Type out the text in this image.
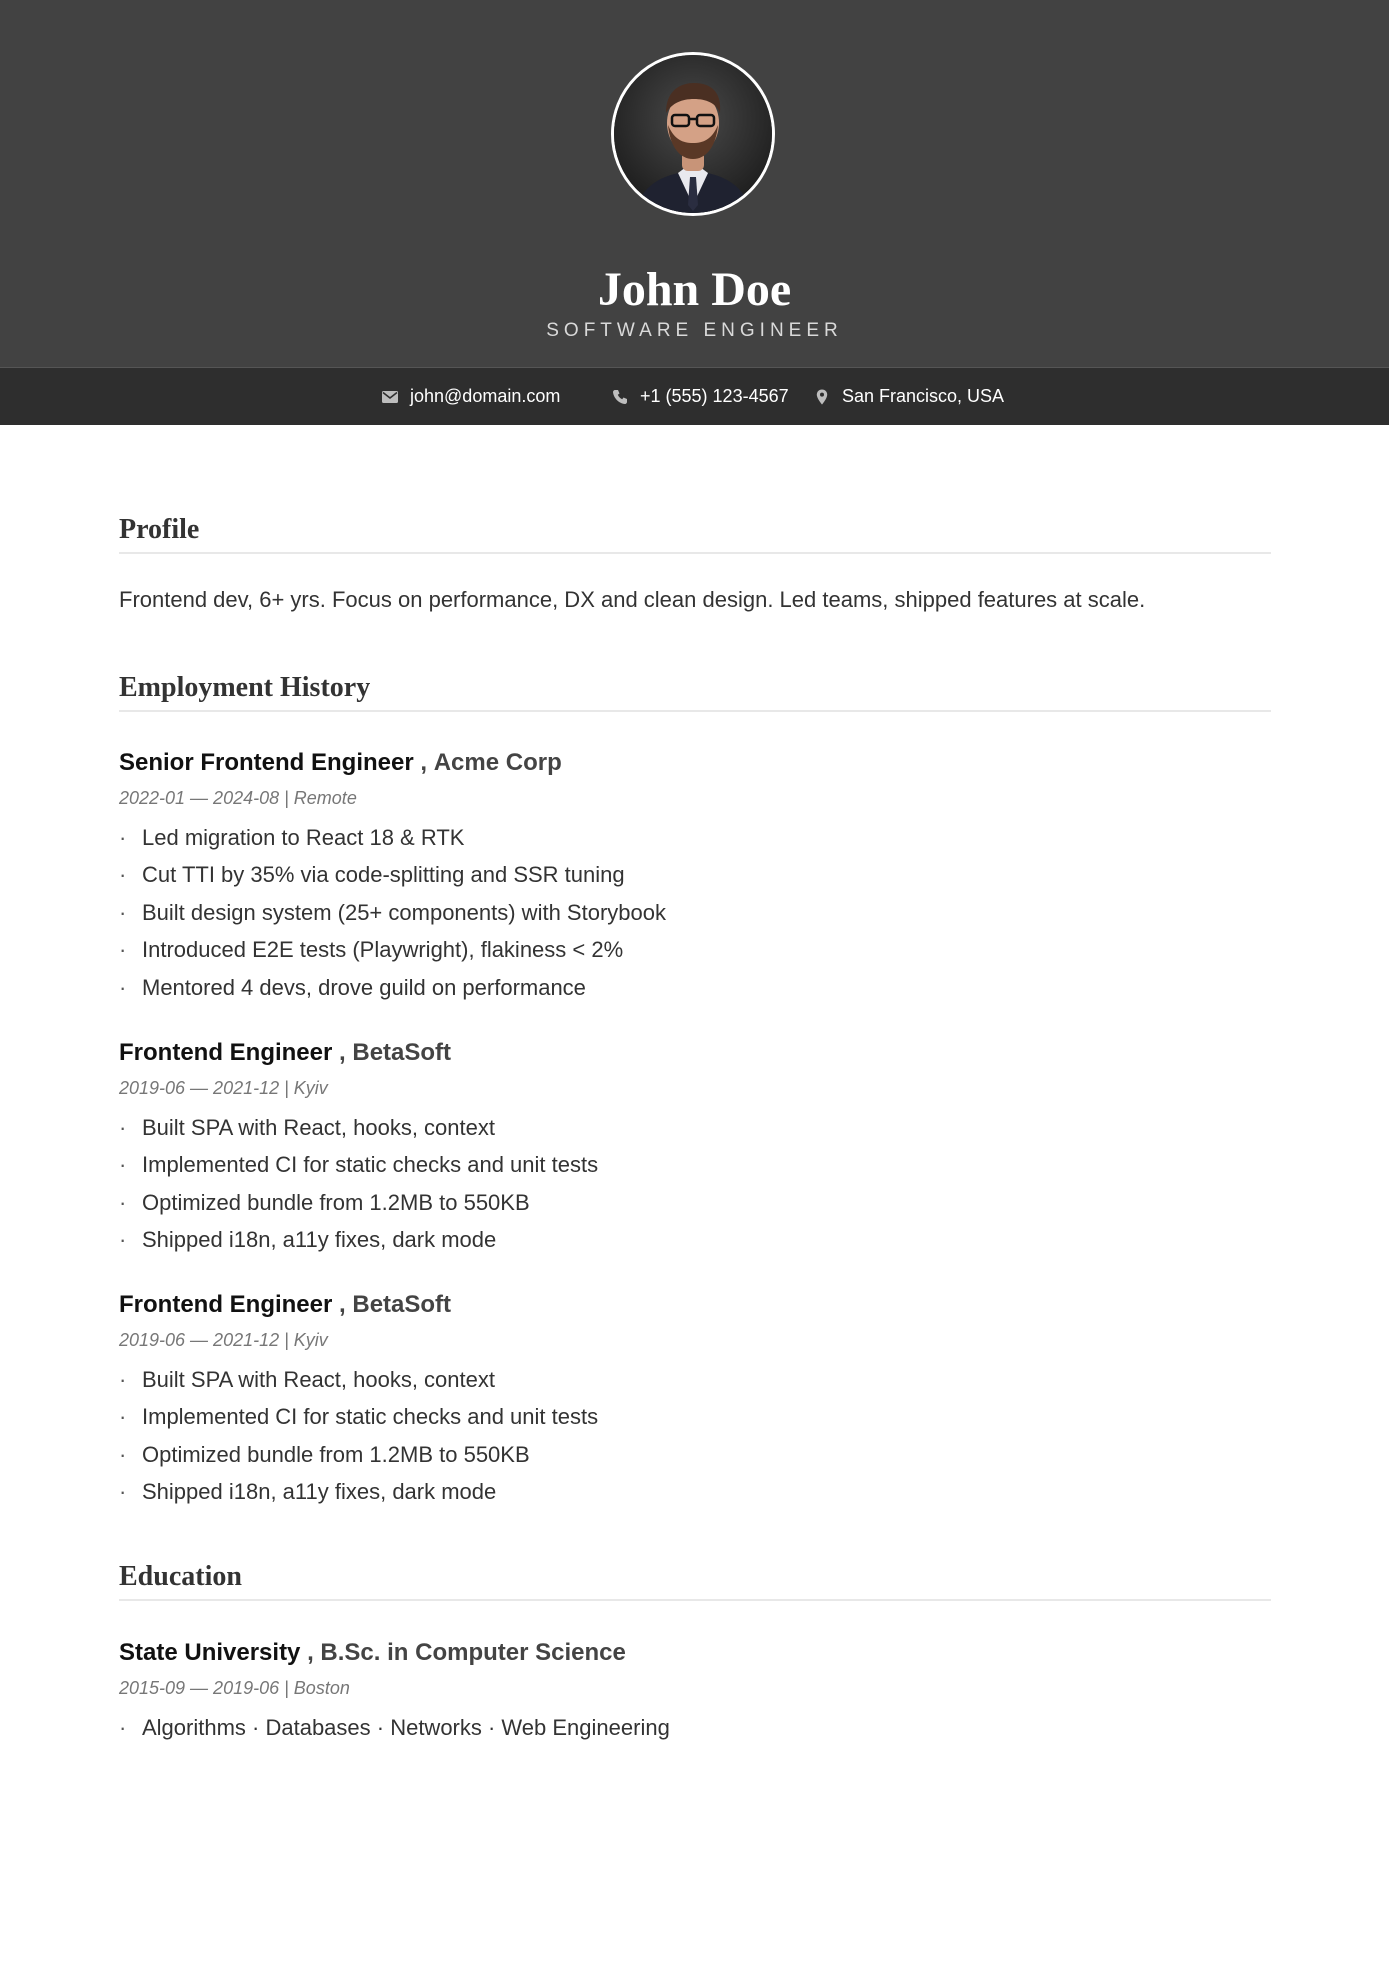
John Doe
SOFTWARE ENGINEER
john@domain.com	+1 (555) 123-4567	San Francisco, USA
Profile
Frontend dev, 6+ yrs. Focus on performance, DX and clean design. Led teams, shipped features at scale.
Employment History
Senior Frontend Engineer , Acme Corp
2022-01 — 2024-08 | Remote
· Led migration to React 18 & RTK
· Cut TTI by 35% via code-splitting and SSR tuning
· Built design system (25+ components) with Storybook
· Introduced E2E tests (Playwright), flakiness < 2%
· Mentored 4 devs, drove guild on performance
Frontend Engineer , BetaSoft
2019-06 — 2021-12 | Kyiv
· Built SPA with React, hooks, context
· Implemented CI for static checks and unit tests
· Optimized bundle from 1.2MB to 550KB
· Shipped i18n, a11y fixes, dark mode
Frontend Engineer , BetaSoft
2019-06 — 2021-12 | Kyiv
· Built SPA with React, hooks, context
· Implemented CI for static checks and unit tests
· Optimized bundle from 1.2MB to 550KB
· Shipped i18n, a11y fixes, dark mode
Education
State University , B.Sc. in Computer Science
2015-09 — 2019-06 | Boston
· Algorithms · Databases · Networks · Web Engineering
